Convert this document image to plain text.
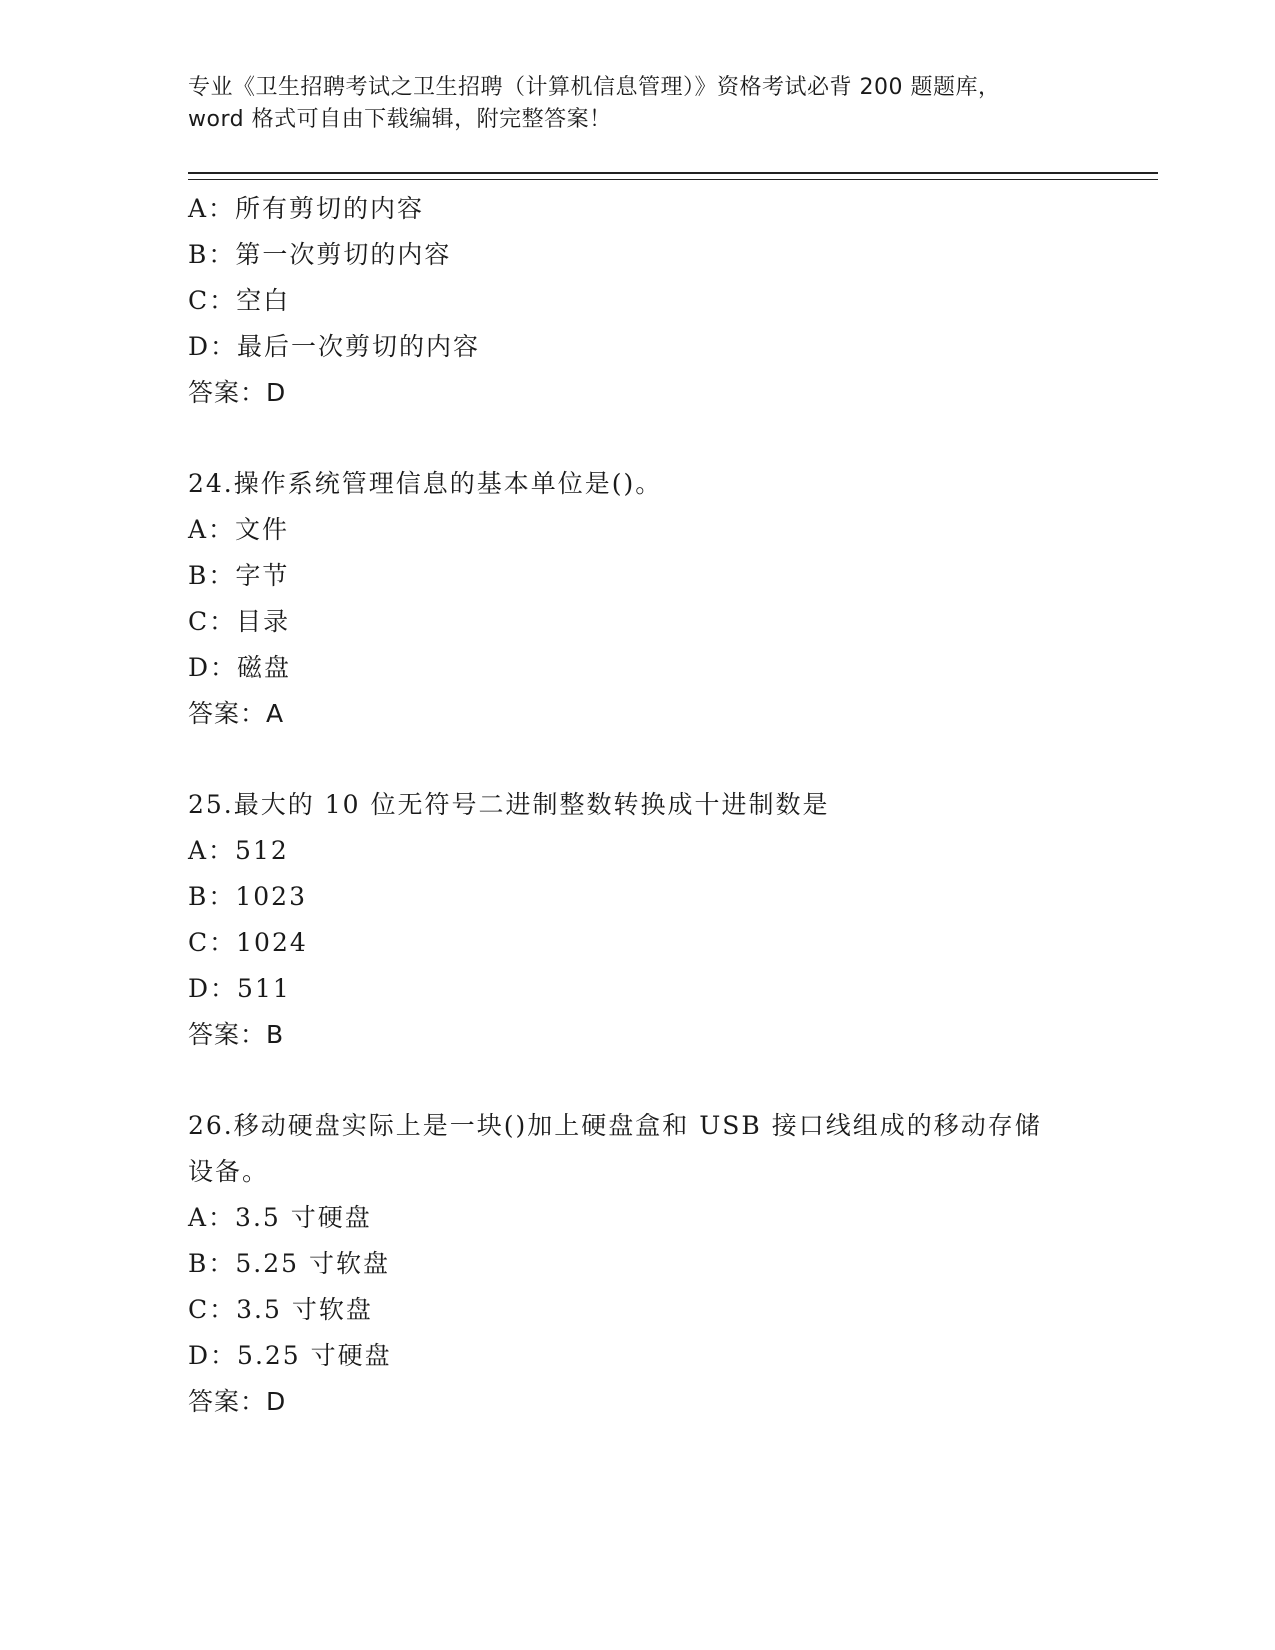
专业《卫生招聘考试之卫生招聘（计算机信息管理）》资格考试必背 200 题题库，
word 格式可自由下载编辑，附完整答案！
A：所有剪切的内容
B：第一次剪切的内容
C：空白
D：最后一次剪切的内容
答案：D
24.操作系统管理信息的基本单位是()。
A：文件
B：字节
C：目录
D：磁盘
答案：A
25.最大的 10 位无符号二进制整数转换成十进制数是
A：512
B：1023
C：1024
D：511
答案：B
26.移动硬盘实际上是一块()加上硬盘盒和 USB 接口线组成的移动存储
设备。
A：3.5 寸硬盘
B：5.25 寸软盘
C：3.5 寸软盘
D：5.25 寸硬盘
答案：D
